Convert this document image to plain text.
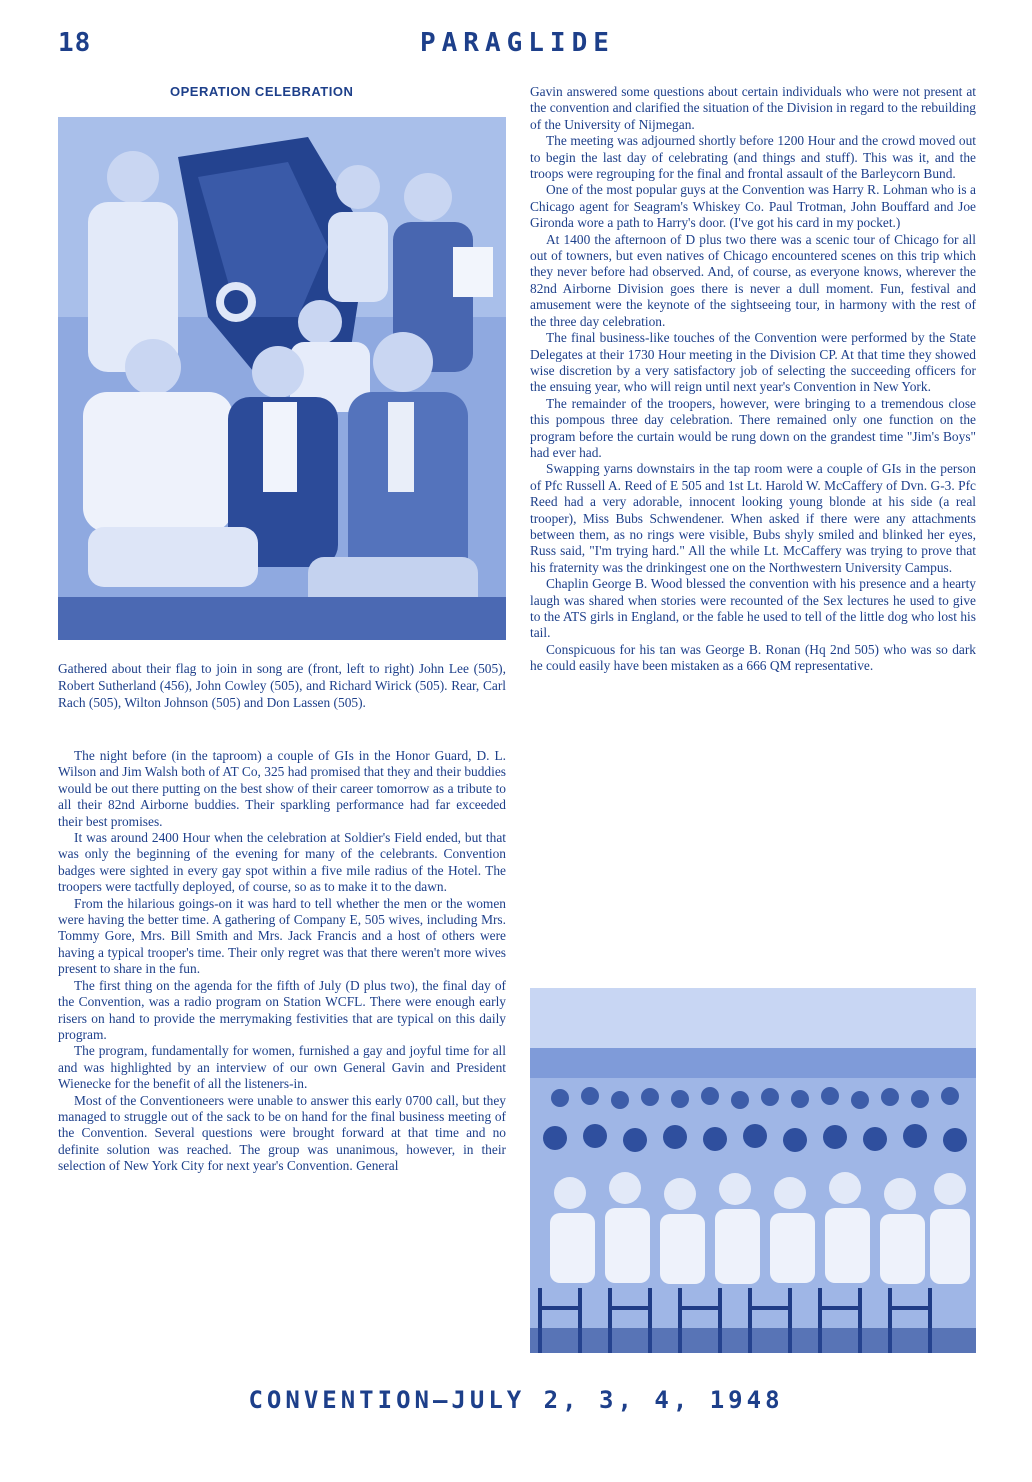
18	PARAGLIDE
OPERATION CELEBRATION
Gathered about their flag to join in song are (front, left to right) John Lee (505), Robert Sutherland (456), John Cowley (505), and Richard Wirick (505). Rear, Carl Rach (505), Wilton Johnson (505) and Don Lassen (505).

The night before (in the taproom) a couple of GIs in the Honor Guard, D. L. Wilson and Jim Walsh both of AT Co, 325 had promised that they and their buddies would be out there putting on the best show of their career tomorrow as a tribute to all their 82nd Airborne buddies. Their sparkling performance had far exceeded their best promises.

It was around 2400 Hour when the celebration at Soldier's Field ended, but that was only the beginning of the evening for many of the celebrants. Convention badges were sighted in every gay spot within a five mile radius of the Hotel. The troopers were tactfully deployed, of course, so as to make it to the dawn.

From the hilarious goings-on it was hard to tell whether the men or the women were having the better time. A gathering of Company E, 505 wives, including Mrs. Tommy Gore, Mrs. Bill Smith and Mrs. Jack Francis and a host of others were having a typical trooper's time. Their only regret was that there weren't more wives present to share in the fun.

The first thing on the agenda for the fifth of July (D plus two), the final day of the Convention, was a radio program on Station WCFL. There were enough early risers on hand to provide the merrymaking festivities that are typical on this daily program.

The program, fundamentally for women, furnished a gay and joyful time for all and was highlighted by an interview of our own General Gavin and President Wienecke for the benefit of all the listeners-in.

Most of the Conventioneers were unable to answer this early 0700 call, but they managed to struggle out of the sack to be on hand for the final business meeting of the Convention. Several questions were brought forward at that time and no definite solution was reached. The group was unanimous, however, in their selection of New York City for next year's Convention. General

Gavin answered some questions about certain individuals who were not present at the convention and clarified the situation of the Division in regard to the rebuilding of the University of Nijmegan.

The meeting was adjourned shortly before 1200 Hour and the crowd moved out to begin the last day of celebrating (and things and stuff). This was it, and the troops were regrouping for the final and frontal assault of the Barleycorn Bund.

One of the most popular guys at the Convention was Harry R. Lohman who is a Chicago agent for Seagram's Whiskey Co. Paul Trotman, John Bouffard and Joe Gironda wore a path to Harry's door. (I've got his card in my pocket.)

At 1400 the afternoon of D plus two there was a scenic tour of Chicago for all out of towners, but even natives of Chicago encountered scenes on this trip which they never before had observed. And, of course, as everyone knows, wherever the 82nd Airborne Division goes there is never a dull moment. Fun, festival and amusement were the keynote of the sightseeing tour, in harmony with the rest of the three day celebration.

The final business-like touches of the Convention were performed by the State Delegates at their 1730 Hour meeting in the Division CP. At that time they showed wise discretion by a very satisfactory job of selecting the succeeding officers for the ensuing year, who will reign until next year's Convention in New York.

The remainder of the troopers, however, were bringing to a tremendous close this pompous three day celebration. There remained only one function on the program before the curtain would be rung down on the grandest time "Jim's Boys" had ever had.

Swapping yarns downstairs in the tap room were a couple of GIs in the person of Pfc Russell A. Reed of E 505 and 1st Lt. Harold W. McCaffery of Dvn. G-3. Pfc Reed had a very adorable, innocent looking young blonde at his side (a real trooper), Miss Bubs Schwendener. When asked if there were any attachments between them, as no rings were visible, Bubs shyly smiled and blinked her eyes, Russ said, "I'm trying hard." All the while Lt. McCaffery was trying to prove that his fraternity was the drinkingest one on the Northwestern University Campus.

Chaplin George B. Wood blessed the convention with his presence and a hearty laugh was shared when stories were recounted of the Sex lectures he used to give to the ATS girls in England, or the fable he used to tell of the little dog who lost his tail.

Conspicuous for his tan was George B. Ronan (Hq 2nd 505) who was so dark he could easily have been mistaken as a 666 QM representative.

CONVENTION—JULY 2, 3, 4, 1948
